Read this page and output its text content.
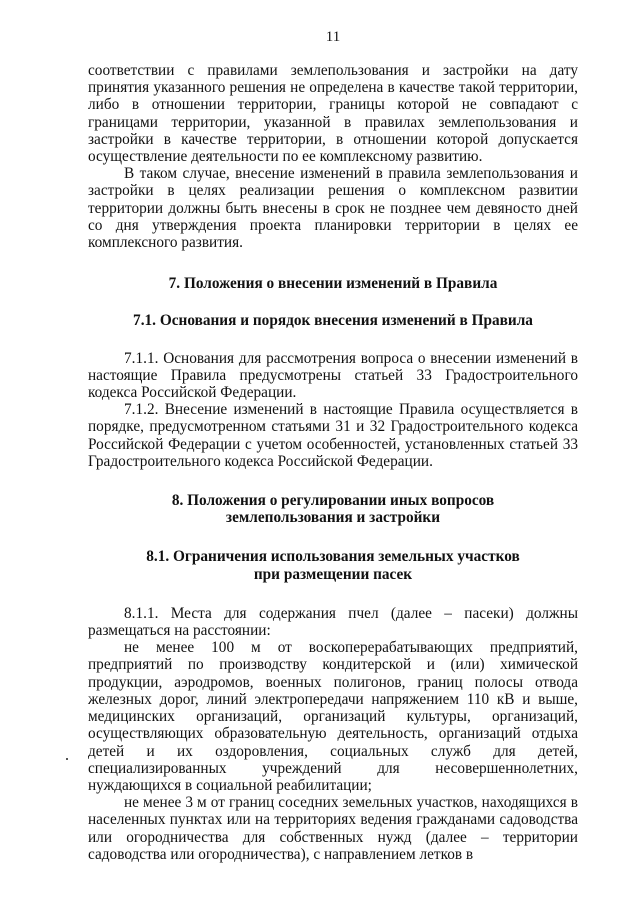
11

соответствии с правилами землепользования и застройки на дату принятия указанного решения не определена в качестве такой территории, либо в отношении территории, границы которой не совпадают с границами территории, указанной в правилах землепользования и застройки в качестве территории, в отношении которой допускается осуществление деятельности по ее комплексному развитию.

В таком случае, внесение изменений в правила землепользования и застройки в целях реализации решения о комплексном развитии территории должны быть внесены в срок не позднее чем девяносто дней со дня утверждения проекта планировки территории в целях ее комплексного развития.

7. Положения о внесении изменений в Правила
7.1. Основания и порядок внесения изменений в Правила

7.1.1. Основания для рассмотрения вопроса о внесении изменений в настоящие Правила предусмотрены статьей 33 Градостроительного кодекса Российской Федерации.

7.1.2. Внесение изменений в настоящие Правила осуществляется в порядке, предусмотренном статьями 31 и 32 Градостроительного кодекса Российской Федерации с учетом особенностей, установленных статьей 33 Градостроительного кодекса Российской Федерации.

8. Положения о регулировании иных вопросов
землепользования и застройки
8.1. Ограничения использования земельных участков
при размещении пасек

8.1.1. Места для содержания пчел (далее – пасеки) должны размещаться на расстоянии:

не менее 100 м от воскоперерабатывающих предприятий, предприятий по производству кондитерской и (или) химической продукции, аэродромов, военных полигонов, границ полосы отвода железных дорог, линий электропередачи напряжением 110 кВ и выше, медицинских организаций, организаций культуры, организаций, осуществляющих образовательную деятельность, организаций отдыха детей и их оздоровления, социальных служб для детей, специализированных учреждений для несовершеннолетних, нуждающихся в социальной реабилитации;

не менее 3 м от границ соседних земельных участков, находящихся в населенных пунктах или на территориях ведения гражданами садоводства или огородничества для собственных нужд (далее – территории садоводства или огородничества), с направлением летков в
